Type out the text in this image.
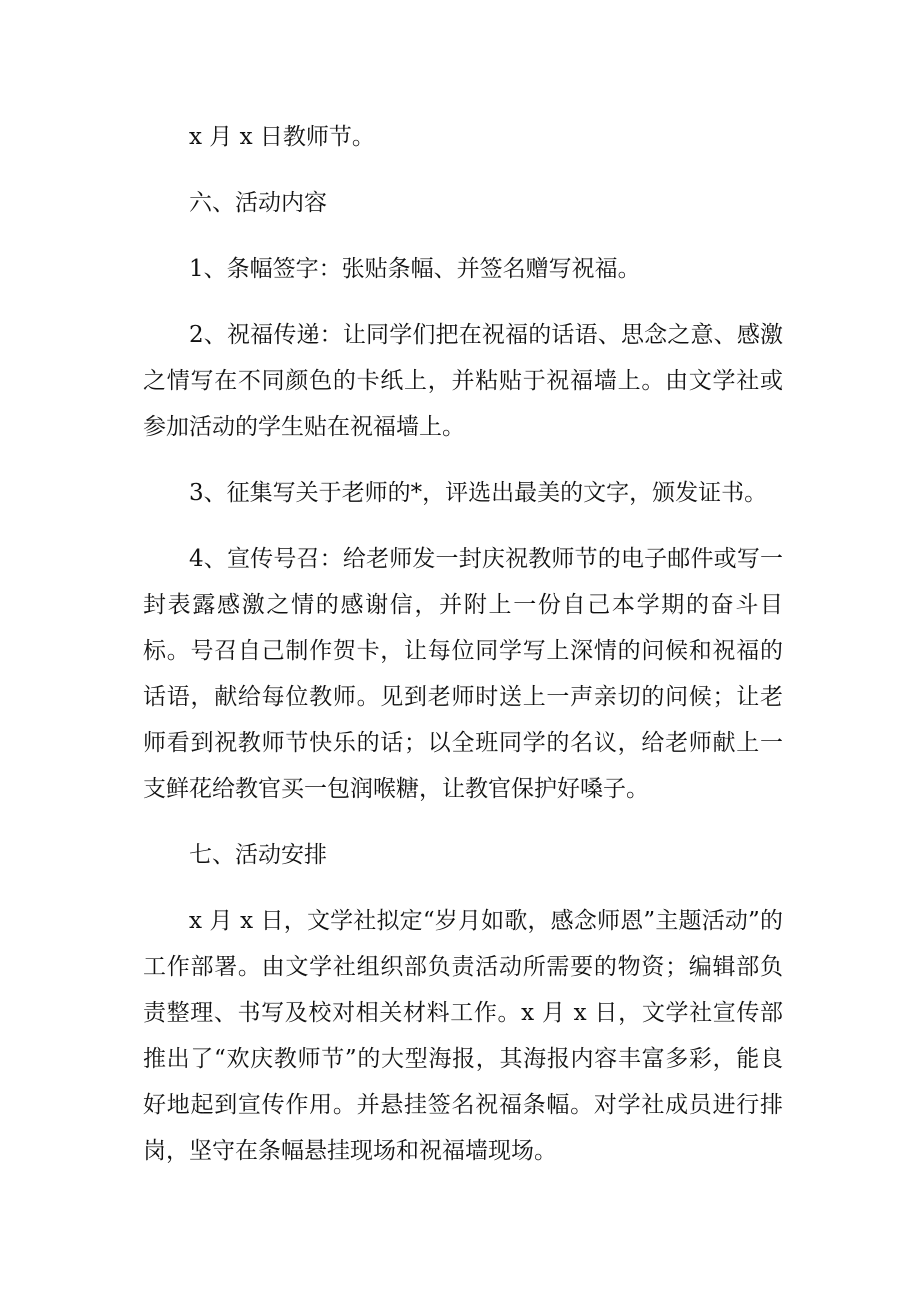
x 月 x 日教师节。

六、活动内容

1、条幅签字：张贴条幅、并签名赠写祝福。

2、祝福传递：让同学们把在祝福的话语、思念之意、感激之情写在不同颜色的卡纸上，并粘贴于祝福墙上。由文学社或参加活动的学生贴在祝福墙上。

3、征集写关于老师的*，评选出最美的文字，颁发证书。

4、宣传号召：给老师发一封庆祝教师节的电子邮件或写一封表露感激之情的感谢信，并附上一份自己本学期的奋斗目标。号召自己制作贺卡，让每位同学写上深情的问候和祝福的话语，献给每位教师。见到老师时送上一声亲切的问候；让老师看到祝教师节快乐的话；以全班同学的名议，给老师献上一支鲜花给教官买一包润喉糖，让教官保护好嗓子。

七、活动安排

x 月 x 日，文学社拟定“岁月如歌，感念师恩”主题活动”的工作部署。由文学社组织部负责活动所需要的物资；编辑部负责整理、书写及校对相关材料工作。x 月 x 日，文学社宣传部推出了“欢庆教师节”的大型海报，其海报内容丰富多彩，能良好地起到宣传作用。并悬挂签名祝福条幅。对学社成员进行排岗，坚守在条幅悬挂现场和祝福墙现场。
